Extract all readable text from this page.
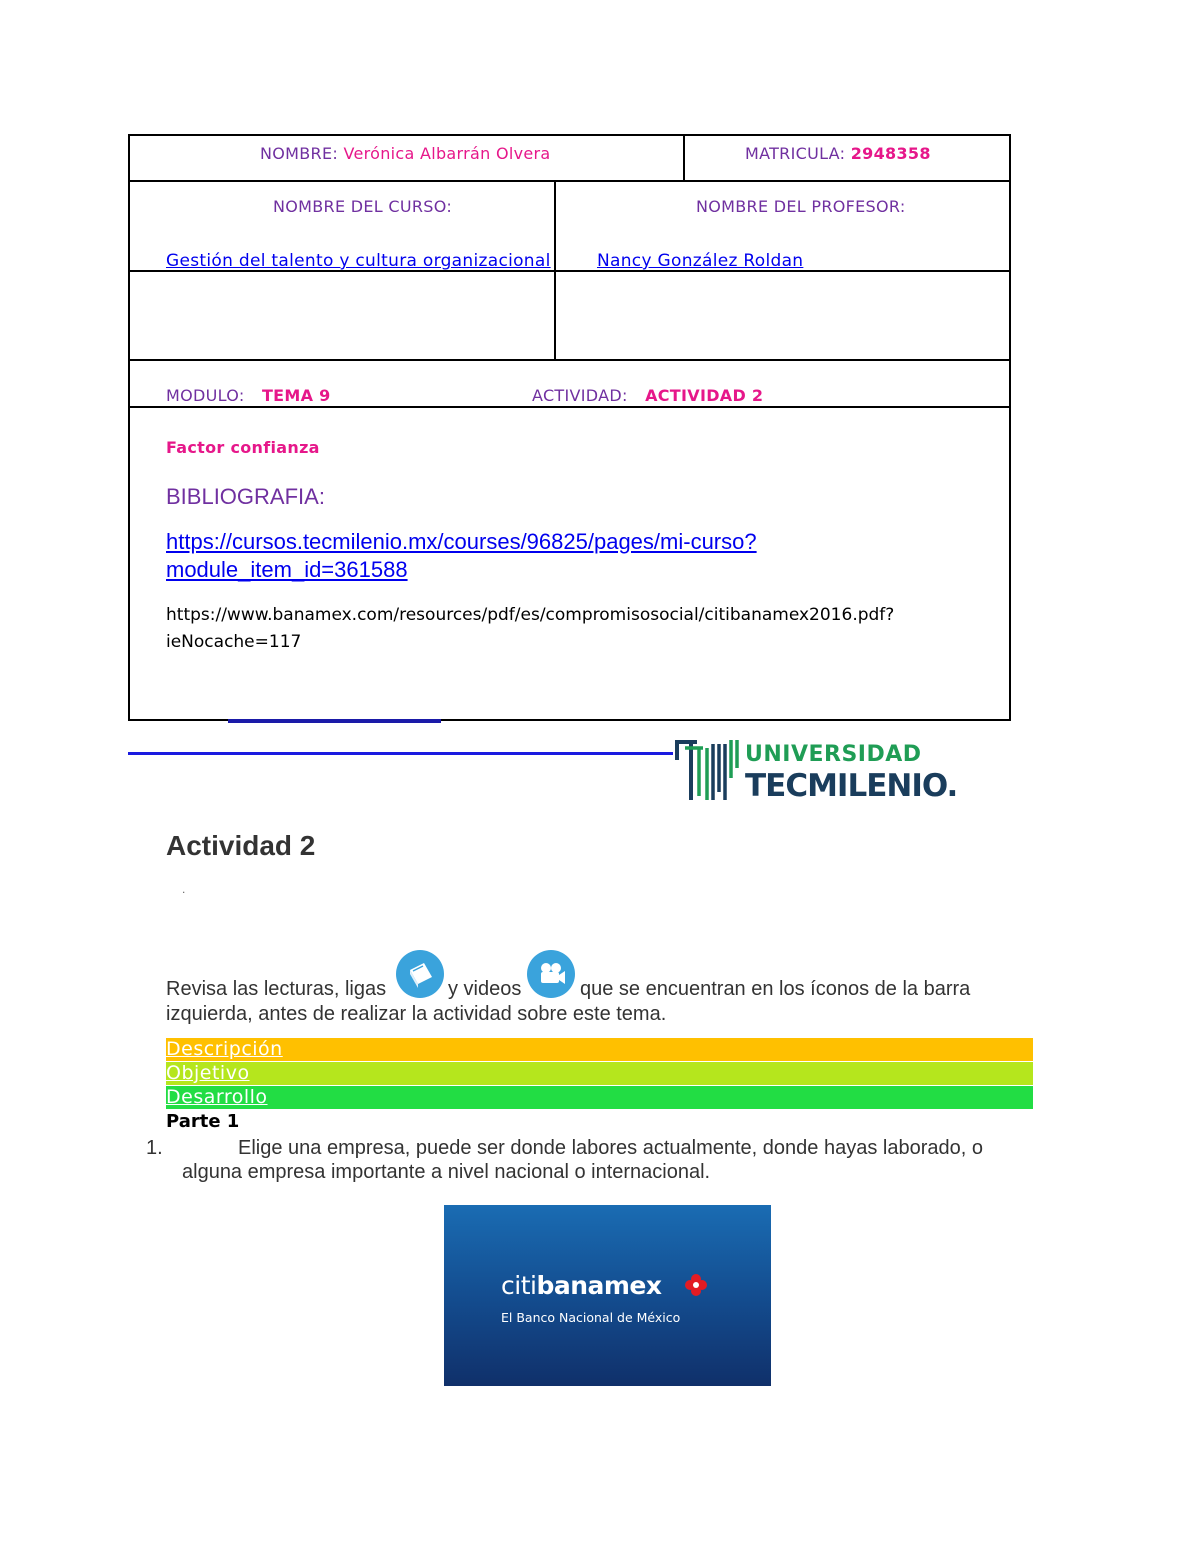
NOMBRE: Verónica Albarrán Olvera	MATRICULA: 2948358
NOMBRE DEL CURSO:	NOMBRE DEL PROFESOR:
Gestión del talento y cultura organizacional	Nancy González Roldan
MODULO: TEMA 9	ACTIVIDAD: ACTIVIDAD 2
Factor confianza
BIBLIOGRAFIA:
https://cursos.tecmilenio.mx/courses/96825/pages/mi-curso?
module_item_id=361588
https://www.banamex.com/resources/pdf/es/compromisosocial/citibanamex2016.pdf?
ieNocache=117
UNIVERSIDAD
TECMILENIO.
Actividad 2
.
Revisa las lecturas, ligas	y videos	que se encuentran en los íconos de la barra
izquierda, antes de realizar la actividad sobre este tema.
Descripción
Objetivo
Desarrollo
Parte 1
1.	Elige una empresa, puede ser donde labores actualmente, donde hayas laborado, o
alguna empresa importante a nivel nacional o internacional.
citibanamex
El Banco Nacional de México
